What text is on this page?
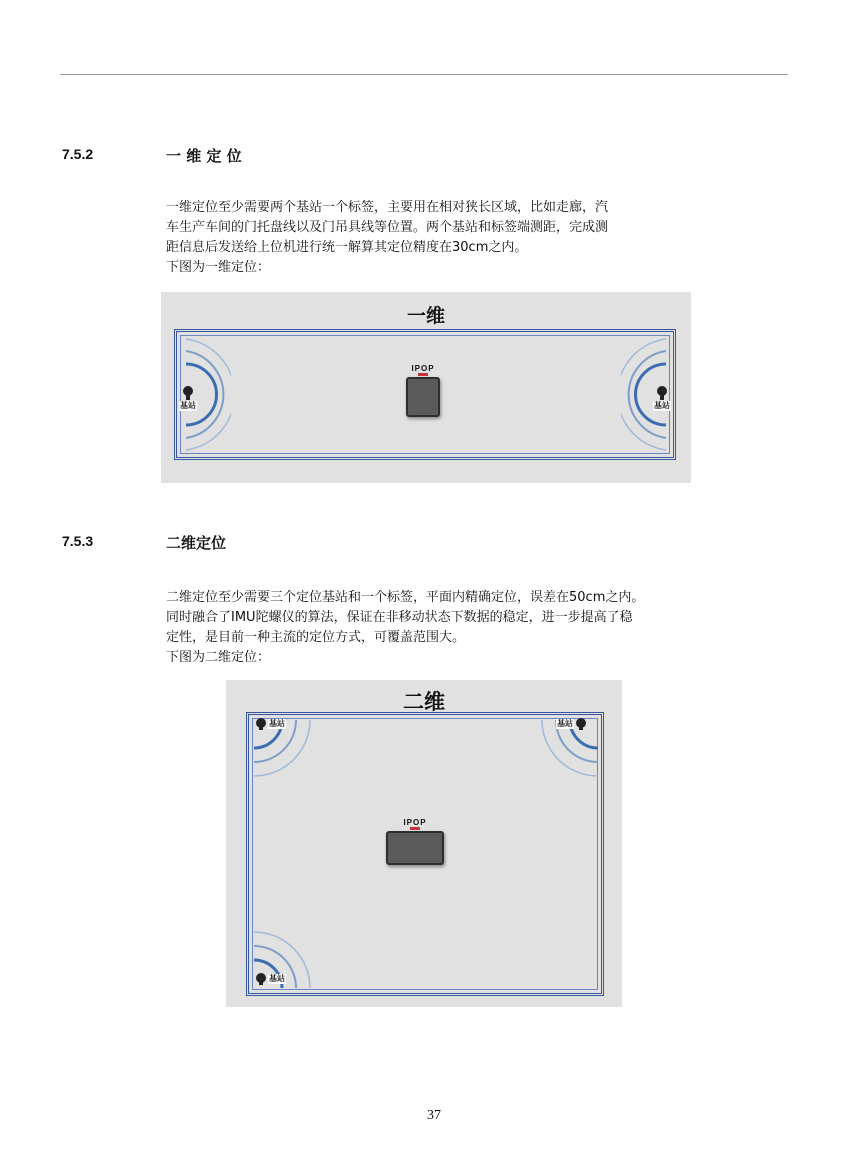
7.5.2	一 维 定 位
一维定位至少需要两个基站一个标签，主要用在相对狭长区域，比如走廊，汽
车生产车间的门托盘线以及门吊具线等位置。两个基站和标签端测距，完成测
距信息后发送给上位机进行统一解算其定位精度在30cm之内。
下图为一维定位：
一维
基站	基站
IPOP
7.5.3	二维定位
二维定位至少需要三个定位基站和一个标签，平面内精确定位，误差在50cm之内。
同时融合了IMU陀螺仪的算法，保证在非移动状态下数据的稳定，进一步提高了稳
定性，是目前一种主流的定位方式，可覆盖范围大。
下图为二维定位：
二维
基站	基站
基站
IPOP
37
